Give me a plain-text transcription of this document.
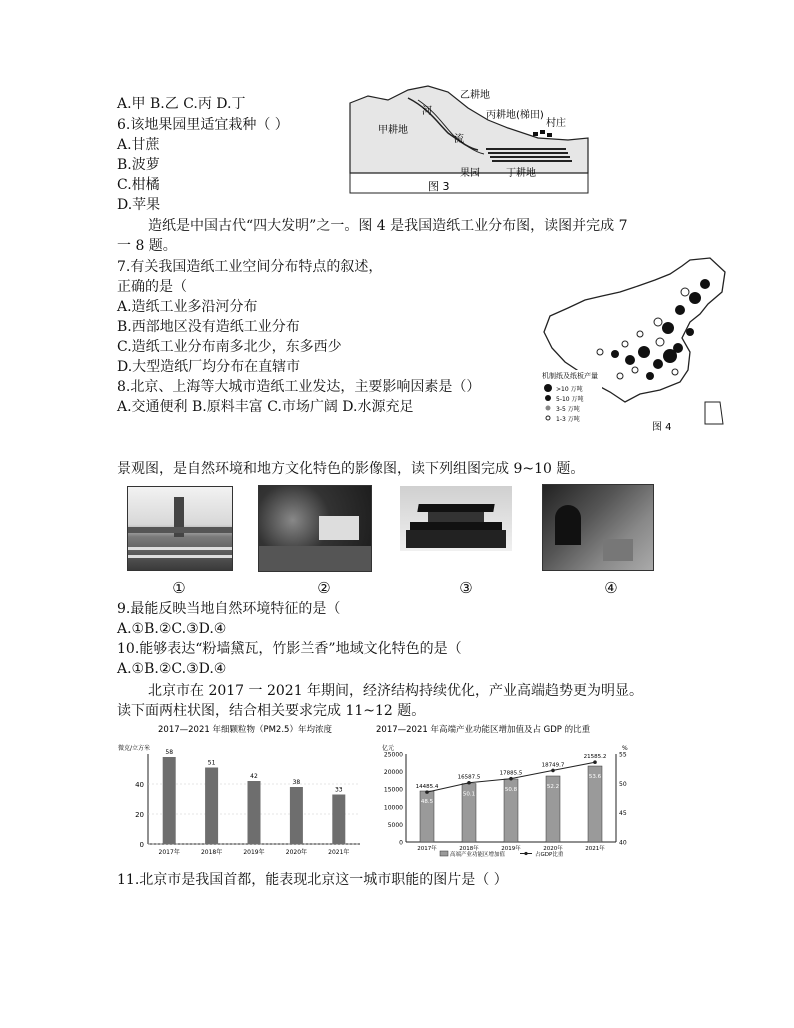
A.甲 B.乙 C.丙 D.丁
6.该地果园里适宜栽种（ ）
A.甘蔗
B.波萝
C.柑橘
D.苹果
乙耕地
河	丙耕地(梯田)
甲耕地
村庄
流
果园	丁耕地
图 3
造纸是中国古代“四大发明”之一。图 4 是我国造纸工业分布图，读图并完成 7
一 8 题。
7.有关我国造纸工业空间分布特点的叙述，
正确的是（
A.造纸工业多沿河分布
B.西部地区没有造纸工业分布
C.造纸工业分布南多北少，东多西少
D.大型造纸厂均分布在直辖市
8.北京、上海等大城市造纸工业发达，主要影响因素是（）
A.交通便利 B.原料丰富 C.市场广阔 D.水源充足
机制纸及纸板产量
>10 万吨
5-10 万吨
3-5 万吨
1-3 万吨
图 4
景观图，是自然环境和地方文化特色的影像图，读下列组图完成 9~10 题。
①	②	③	④
9.最能反映当地自然环境特征的是（
A.①B.②C.③D.④
10.能够表达“粉墙黛瓦，竹影兰香”地域文化特色的是（
A.①B.②C.③D.④
北京市在 2017 一 2021 年期间，经济结构持续优化，产业高端趋势更为明显。
读下面两柱状图，结合相关要求完成 11~12 题。
2017—2021 年细颗粒物（PM2.5）年均浓度
微克/立方米
0
20
40
58
2017年
51
2018年
42
2019年
38
2020年
33
2021年
2017—2021 年高端产业功能区增加值及占 GDP 的比重
亿元	%
0
5000
10000
15000
20000
25000
40
45
50
55
48.5
2017年
14485.4
50.1
2018年
16587.5
50.8
2019年
17885.5
52.2
2020年
18749.7
53.6
2021年
21585.2
高端产业功能区增加值	占GDP比重
11.北京市是我国首都，能表现北京这一城市职能的图片是（ ）
